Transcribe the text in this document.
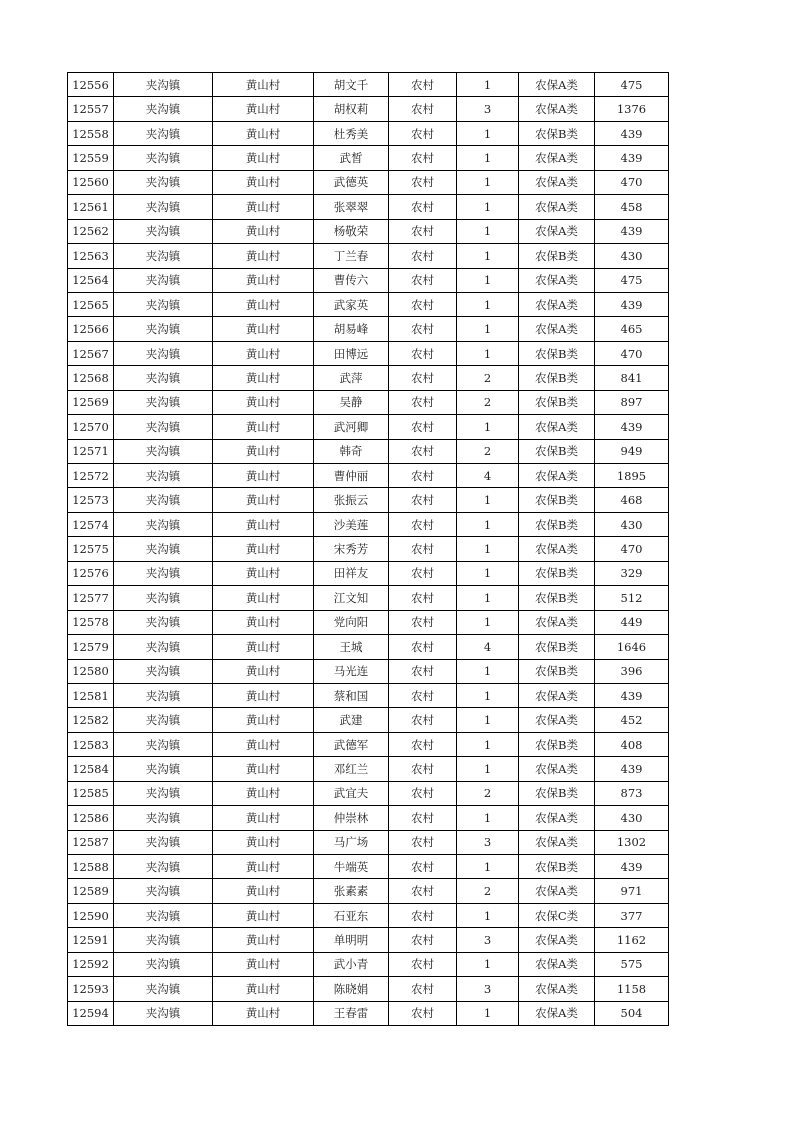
12556	夹沟镇	黄山村	胡文千	农村	1	农保A类	475
12557	夹沟镇	黄山村	胡权莉	农村	3	农保A类	1376
12558	夹沟镇	黄山村	杜秀美	农村	1	农保B类	439
12559	夹沟镇	黄山村	武皙	农村	1	农保A类	439
12560	夹沟镇	黄山村	武德英	农村	1	农保A类	470
12561	夹沟镇	黄山村	张翠翠	农村	1	农保A类	458
12562	夹沟镇	黄山村	杨敬荣	农村	1	农保A类	439
12563	夹沟镇	黄山村	丁兰春	农村	1	农保B类	430
12564	夹沟镇	黄山村	曹传六	农村	1	农保A类	475
12565	夹沟镇	黄山村	武家英	农村	1	农保A类	439
12566	夹沟镇	黄山村	胡易峰	农村	1	农保A类	465
12567	夹沟镇	黄山村	田博远	农村	1	农保B类	470
12568	夹沟镇	黄山村	武萍	农村	2	农保B类	841
12569	夹沟镇	黄山村	吴静	农村	2	农保B类	897
12570	夹沟镇	黄山村	武河卿	农村	1	农保A类	439
12571	夹沟镇	黄山村	韩奇	农村	2	农保B类	949
12572	夹沟镇	黄山村	曹仲丽	农村	4	农保A类	1895
12573	夹沟镇	黄山村	张振云	农村	1	农保B类	468
12574	夹沟镇	黄山村	沙美莲	农村	1	农保B类	430
12575	夹沟镇	黄山村	宋秀芳	农村	1	农保A类	470
12576	夹沟镇	黄山村	田祥友	农村	1	农保B类	329
12577	夹沟镇	黄山村	江文知	农村	1	农保B类	512
12578	夹沟镇	黄山村	党向阳	农村	1	农保A类	449
12579	夹沟镇	黄山村	王城	农村	4	农保B类	1646
12580	夹沟镇	黄山村	马光连	农村	1	农保B类	396
12581	夹沟镇	黄山村	蔡和国	农村	1	农保A类	439
12582	夹沟镇	黄山村	武建	农村	1	农保A类	452
12583	夹沟镇	黄山村	武德军	农村	1	农保B类	408
12584	夹沟镇	黄山村	邓红兰	农村	1	农保A类	439
12585	夹沟镇	黄山村	武宜夫	农村	2	农保B类	873
12586	夹沟镇	黄山村	仲崇林	农村	1	农保A类	430
12587	夹沟镇	黄山村	马广场	农村	3	农保A类	1302
12588	夹沟镇	黄山村	牛端英	农村	1	农保B类	439
12589	夹沟镇	黄山村	张素素	农村	2	农保A类	971
12590	夹沟镇	黄山村	石亚东	农村	1	农保C类	377
12591	夹沟镇	黄山村	单明明	农村	3	农保A类	1162
12592	夹沟镇	黄山村	武小青	农村	1	农保A类	575
12593	夹沟镇	黄山村	陈晓娟	农村	3	农保A类	1158
12594	夹沟镇	黄山村	王春雷	农村	1	农保A类	504
